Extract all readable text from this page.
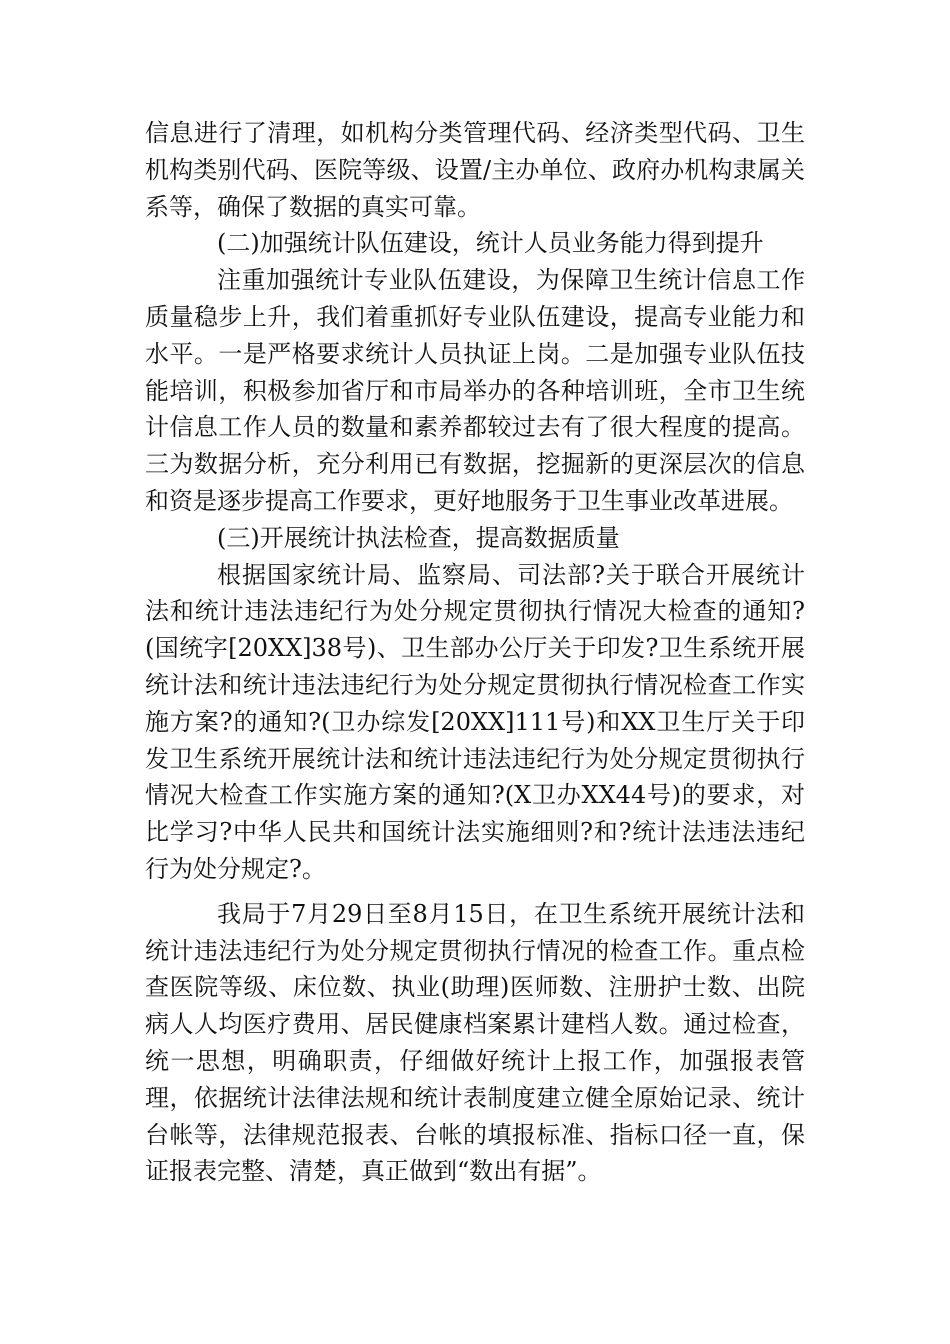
信息进行了清理，如机构分类管理代码、经济类型代码、卫生机构类别代码、医院等级、设置/主办单位、政府办机构隶属关系等，确保了数据的真实可靠。

(二)加强统计队伍建设，统计人员业务能力得到提升

注重加强统计专业队伍建设，为保障卫生统计信息工作质量稳步上升，我们着重抓好专业队伍建设，提高专业能力和水平。一是严格要求统计人员执证上岗。二是加强专业队伍技能培训，积极参加省厅和市局举办的各种培训班，全市卫生统计信息工作人员的数量和素养都较过去有了很大程度的提高。三为数据分析，充分利用已有数据，挖掘新的更深层次的信息和资是逐步提高工作要求，更好地服务于卫生事业改革进展。

(三)开展统计执法检查，提高数据质量

根据国家统计局、监察局、司法部?关于联合开展统计法和统计违法违纪行为处分规定贯彻执行情况大检查的通知?(国统字[20XX]38号)、卫生部办公厅关于印发?卫生系统开展统计法和统计违法违纪行为处分规定贯彻执行情况检查工作实施方案?的通知?(卫办综发[20XX]111号)和XX卫生厅关于印发卫生系统开展统计法和统计违法违纪行为处分规定贯彻执行情况大检查工作实施方案的通知?(X卫办XX44号)的要求，对比学习?中华人民共和国统计法实施细则?和?统计法违法违纪行为处分规定?。

我局于7月29日至8月15日，在卫生系统开展统计法和统计违法违纪行为处分规定贯彻执行情况的检查工作。重点检查医院等级、床位数、执业(助理)医师数、注册护士数、出院病人人均医疗费用、居民健康档案累计建档人数。通过检查，统一思想，明确职责，仔细做好统计上报工作，加强报表管理，依据统计法律法规和统计表制度建立健全原始记录、统计台帐等，法律规范报表、台帐的填报标准、指标口径一直，保证报表完整、清楚，真正做到“数出有据”。
